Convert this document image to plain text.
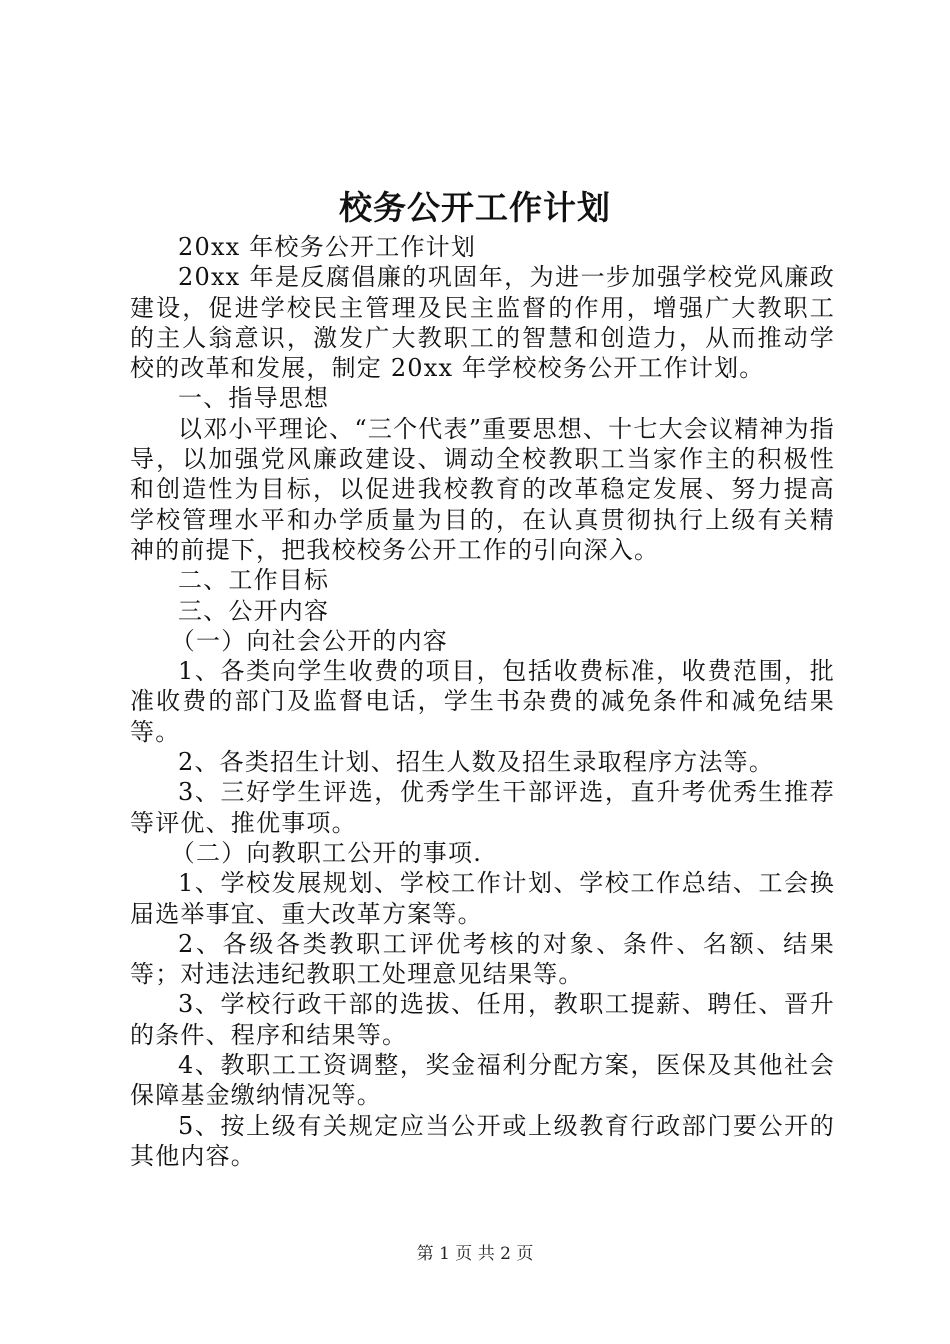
校务公开工作计划

20xx 年校务公开工作计划

20xx 年是反腐倡廉的巩固年，为进一步加强学校党风廉政建设，促进学校民主管理及民主监督的作用，增强广大教职工的主人翁意识，激发广大教职工的智慧和创造力，从而推动学校的改革和发展，制定 20xx 年学校校务公开工作计划。

一、指导思想

以邓小平理论、“三个代表”重要思想、十七大会议精神为指导，以加强党风廉政建设、调动全校教职工当家作主的积极性和创造性为目标，以促进我校教育的改革稳定发展、努力提高学校管理水平和办学质量为目的，在认真贯彻执行上级有关精神的前提下，把我校校务公开工作的引向深入。

二、工作目标

三、公开内容

（一）向社会公开的内容

1、各类向学生收费的项目，包括收费标准，收费范围，批准收费的部门及监督电话，学生书杂费的减免条件和减免结果等。

2、各类招生计划、招生人数及招生录取程序方法等。

3、三好学生评选，优秀学生干部评选，直升考优秀生推荐等评优、推优事项。

（二）向教职工公开的事项.

1、学校发展规划、学校工作计划、学校工作总结、工会换届选举事宜、重大改革方案等。

2、各级各类教职工评优考核的对象、条件、名额、结果等；对违法违纪教职工处理意见结果等。

3、学校行政干部的选拔、任用，教职工提薪、聘任、晋升的条件、程序和结果等。

4、教职工工资调整，奖金福利分配方案，医保及其他社会保障基金缴纳情况等。

5、按上级有关规定应当公开或上级教育行政部门要公开的其他内容。

第 1 页 共 2 页
